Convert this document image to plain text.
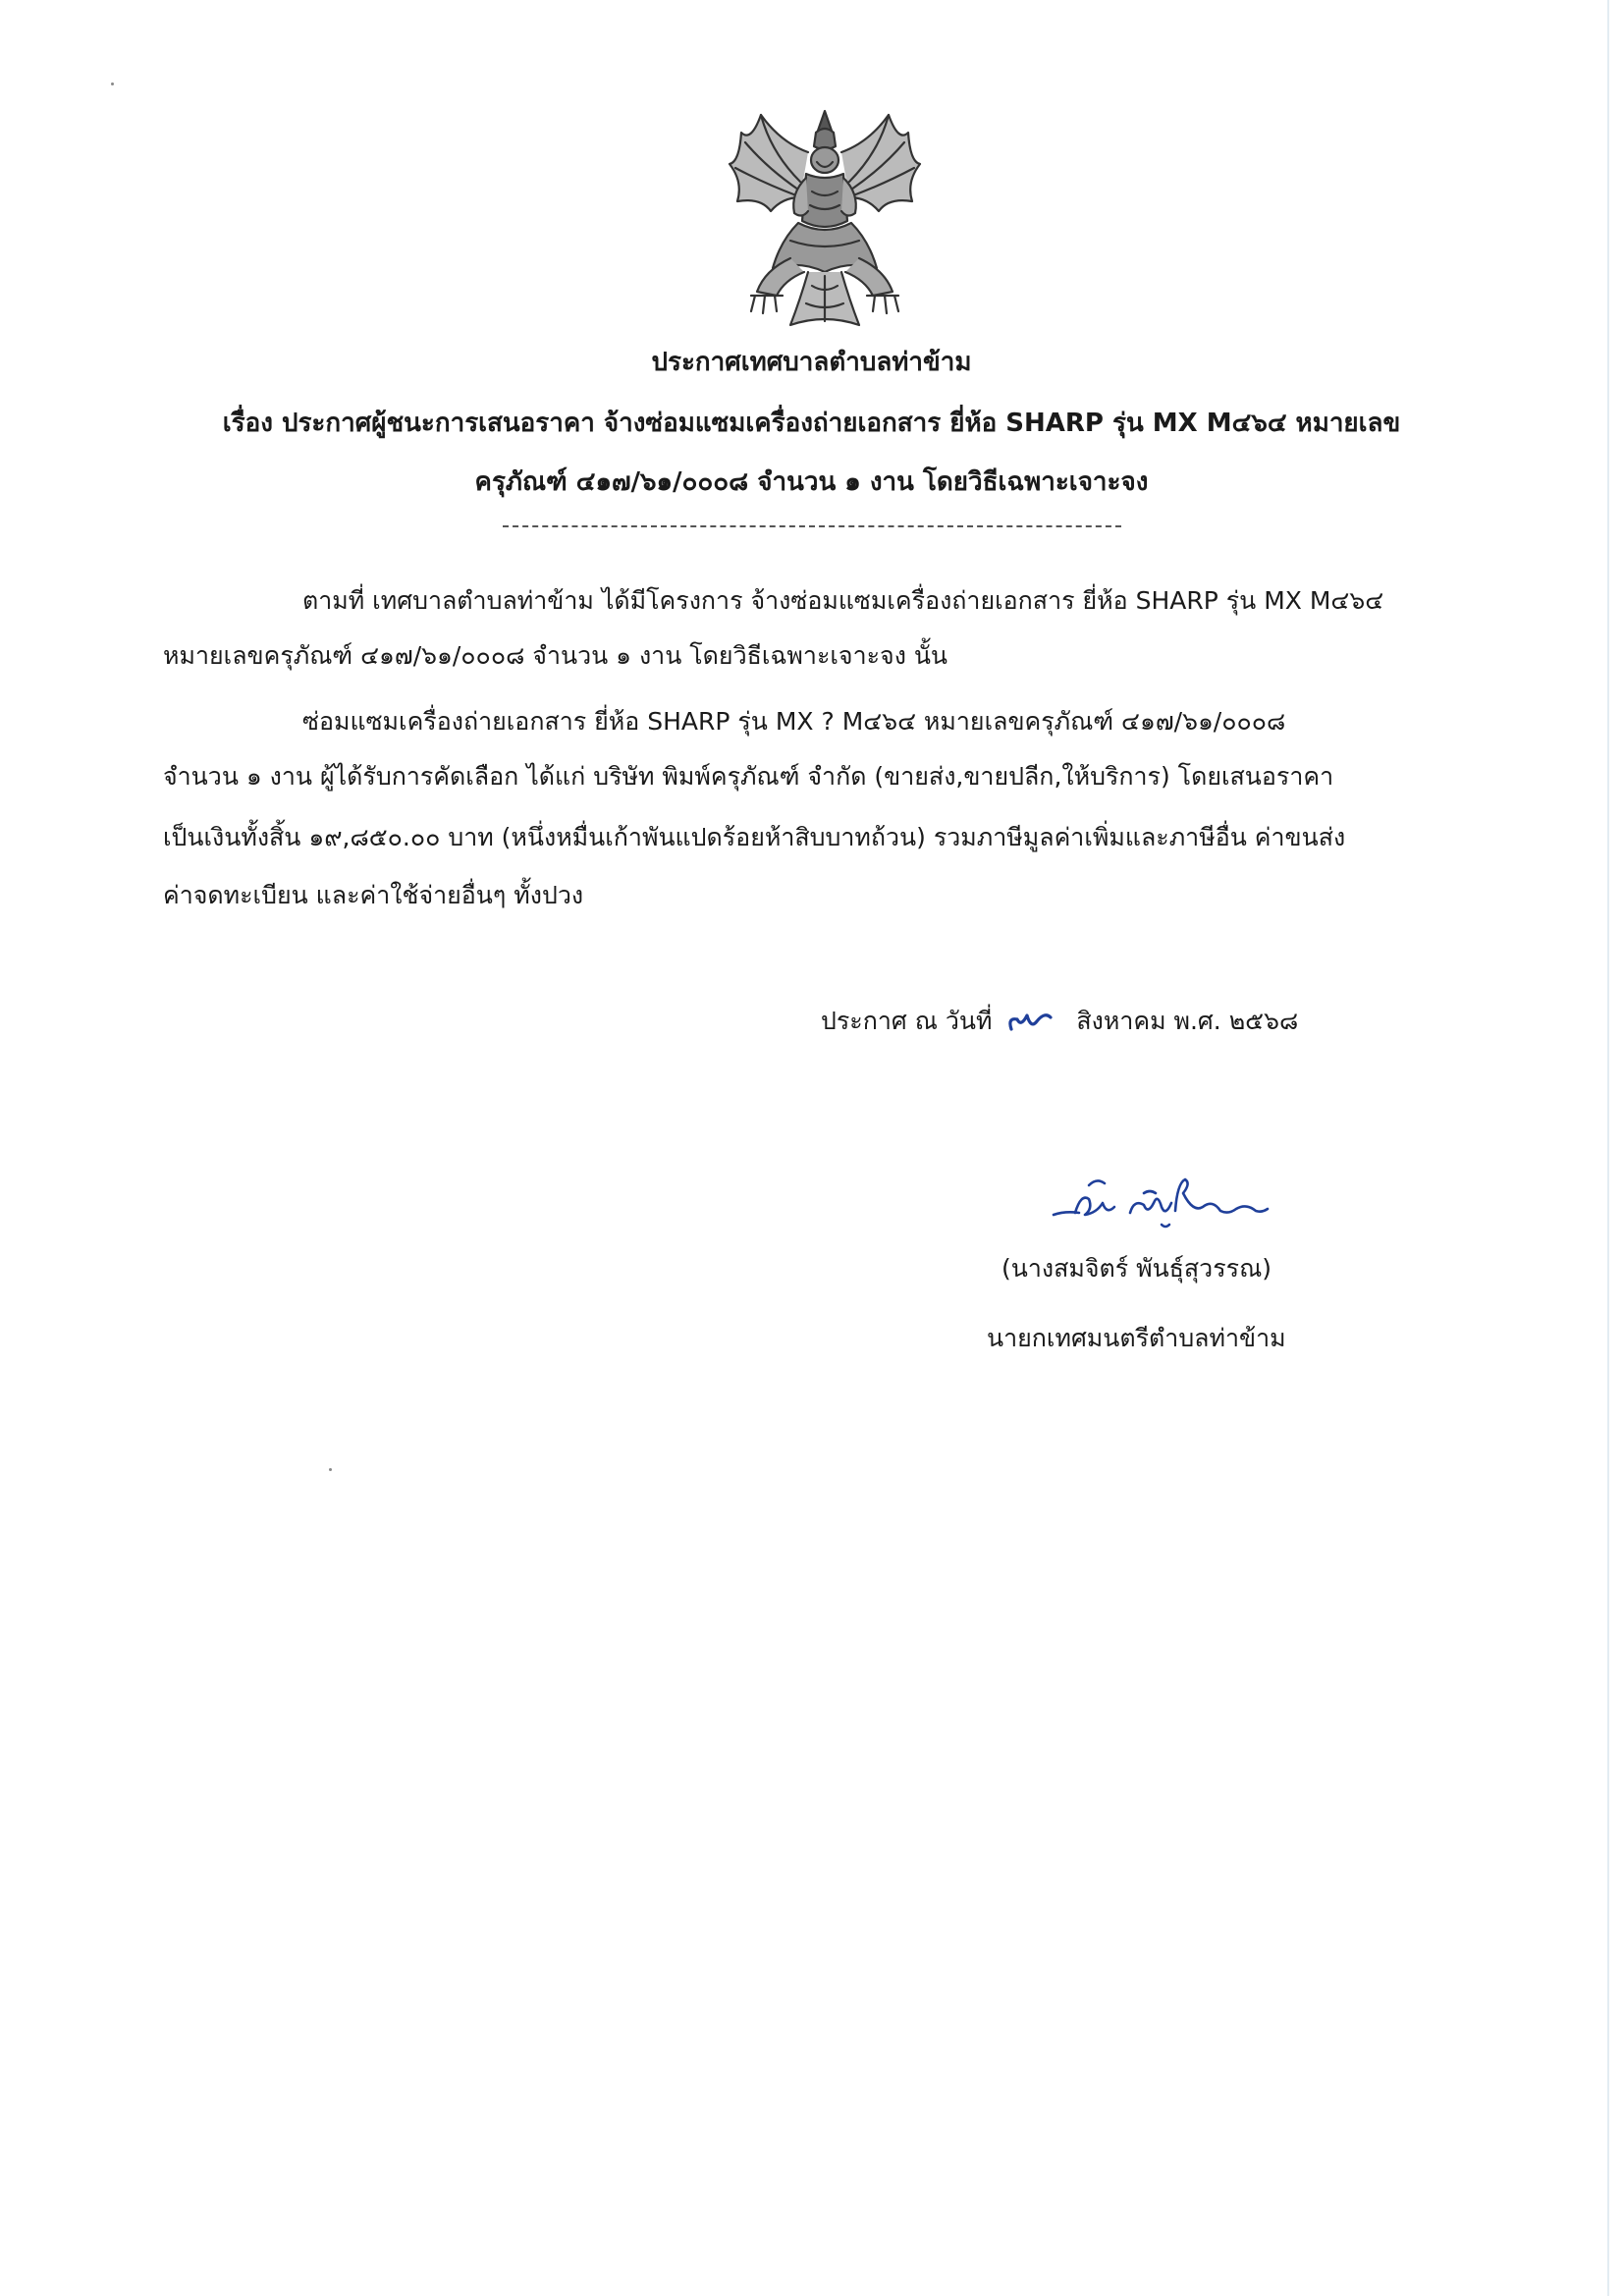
ประกาศเทศบาลตำบลท่าข้าม
เรื่อง ประกาศผู้ชนะการเสนอราคา จ้างซ่อมแซมเครื่องถ่ายเอกสาร ยี่ห้อ SHARP รุ่น MX M๔๖๔ หมายเลข
ครุภัณฑ์ ๔๑๗/๖๑/๐๐๐๘ จำนวน ๑ งาน โดยวิธีเฉพาะเจาะจง
ตามที่ เทศบาลตำบลท่าข้าม ได้มีโครงการ จ้างซ่อมแซมเครื่องถ่ายเอกสาร ยี่ห้อ SHARP รุ่น MX M๔๖๔
หมายเลขครุภัณฑ์ ๔๑๗/๖๑/๐๐๐๘ จำนวน ๑ งาน โดยวิธีเฉพาะเจาะจง นั้น
ซ่อมแซมเครื่องถ่ายเอกสาร ยี่ห้อ SHARP รุ่น MX ? M๔๖๔ หมายเลขครุภัณฑ์ ๔๑๗/๖๑/๐๐๐๘
จำนวน ๑ งาน ผู้ได้รับการคัดเลือก ได้แก่ บริษัท พิมพ์ครุภัณฑ์ จำกัด (ขายส่ง,ขายปลีก,ให้บริการ) โดยเสนอราคา
เป็นเงินทั้งสิ้น ๑๙,๘๕๐.๐๐ บาท (หนึ่งหมื่นเก้าพันแปดร้อยห้าสิบบาทถ้วน) รวมภาษีมูลค่าเพิ่มและภาษีอื่น ค่าขนส่ง
ค่าจดทะเบียน และค่าใช้จ่ายอื่นๆ ทั้งปวง
ประกาศ ณ วันที่	สิงหาคม พ.ศ. ๒๕๖๘
(นางสมจิตร์ พันธุ์สุวรรณ)
นายกเทศมนตรีตำบลท่าข้าม
